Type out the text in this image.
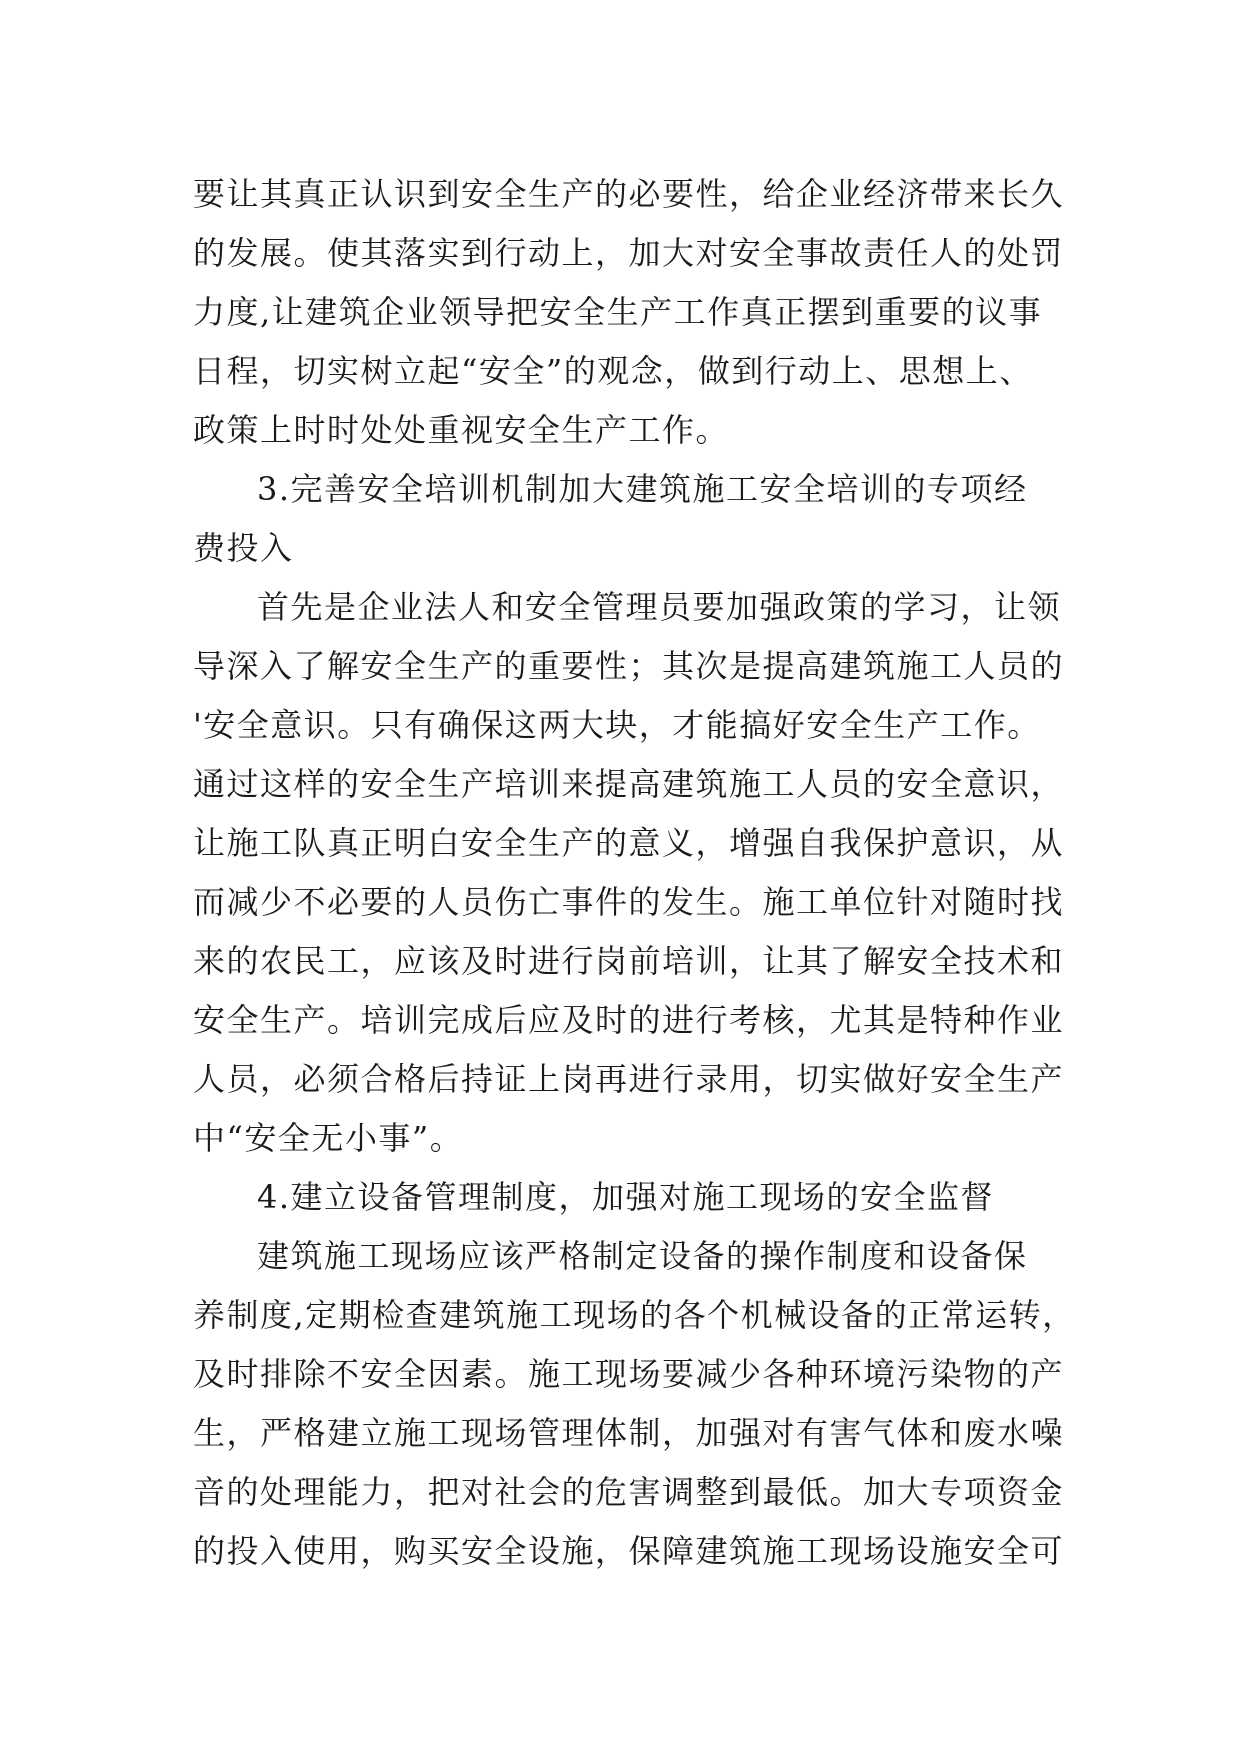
要让其真正认识到安全生产的必要性，给企业经济带来长久
的发展。使其落实到行动上，加大对安全事故责任人的处罚
力度,让建筑企业领导把安全生产工作真正摆到重要的议事
日程，切实树立起“安全”的观念，做到行动上、思想上、
政策上时时处处重视安全生产工作。
3.完善安全培训机制加大建筑施工安全培训的专项经
费投入
首先是企业法人和安全管理员要加强政策的学习，让领
导深入了解安全生产的重要性；其次是提高建筑施工人员的
'安全意识。只有确保这两大块，才能搞好安全生产工作。
通过这样的安全生产培训来提高建筑施工人员的安全意识，
让施工队真正明白安全生产的意义，增强自我保护意识，从
而减少不必要的人员伤亡事件的发生。施工单位针对随时找
来的农民工，应该及时进行岗前培训，让其了解安全技术和
安全生产。培训完成后应及时的进行考核，尤其是特种作业
人员，必须合格后持证上岗再进行录用，切实做好安全生产
中“安全无小事”。
4.建立设备管理制度，加强对施工现场的安全监督
建筑施工现场应该严格制定设备的操作制度和设备保
养制度,定期检查建筑施工现场的各个机械设备的正常运转，
及时排除不安全因素。施工现场要减少各种环境污染物的产
生，严格建立施工现场管理体制，加强对有害气体和废水噪
音的处理能力，把对社会的危害调整到最低。加大专项资金
的投入使用，购买安全设施，保障建筑施工现场设施安全可
